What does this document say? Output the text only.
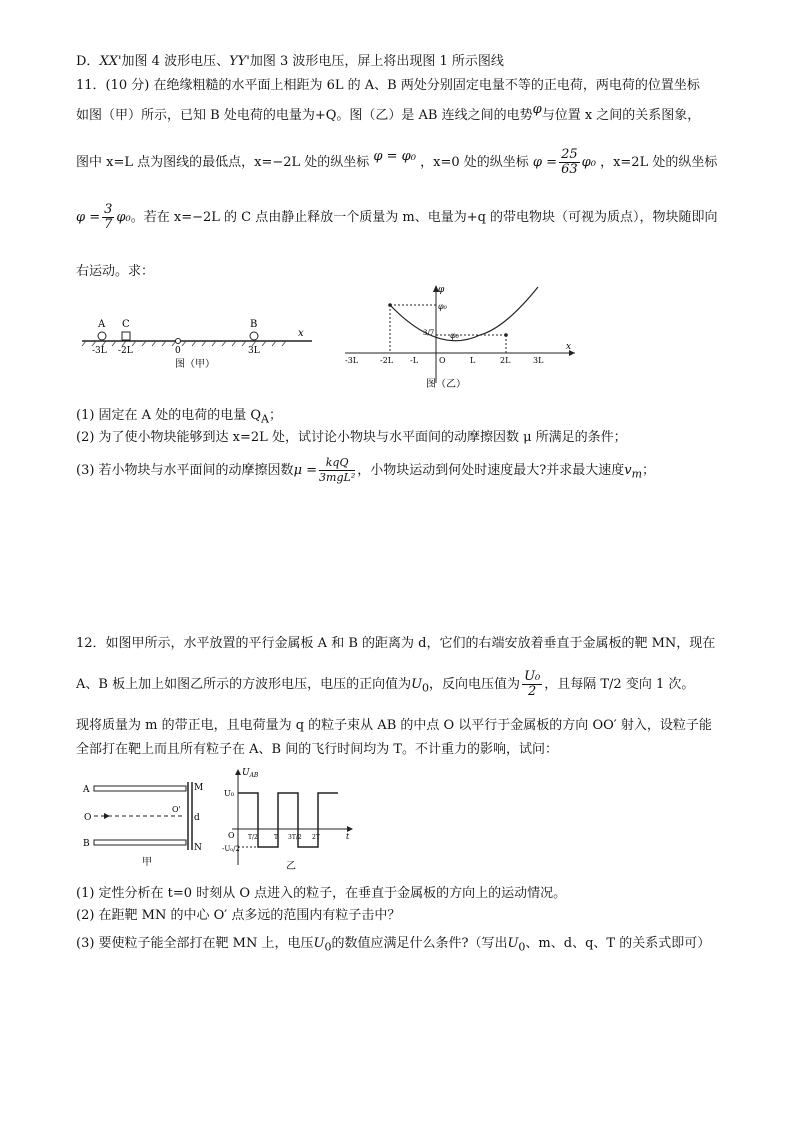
D．XX'加图 4 波形电压、YY'加图 3 波形电压，屏上将出现图 1 所示图线
11．(10 分) 在绝缘粗糙的水平面上相距为 6L 的 A、B 两处分别固定电量不等的正电荷，两电荷的位置坐标
如图（甲）所示，已知 B 处电荷的电量为+Q。图（乙）是 AB 连线之间的电势φ与位置 x 之间的关系图象，
图中 x=L 点为图线的最低点，x=−2L 处的纵坐标 φ = φ₀ ，x=0 处的纵坐标 $\varphi = \frac{25}{63} \varphi_0$ ，x=2L 处的纵坐标
$\varphi = \frac{3}{7} \varphi_0$。若在 x=−2L 的 C 点由静止释放一个质量为 m、电量为+q 的带电物块（可视为质点），物块随即向
右运动。求：
A C	B
x
-3L -2L	0	3L
图（甲）
φ
φ₀
3/7 φ₀
x
O
-3L	-2L -L	L	2L	3L
图（乙）
(1) 固定在 A 处的电荷的电量 $Q_A$；
(2) 为了使小物块能够到达 x=2L 处，试讨论小物块与水平面间的动摩擦因数 μ 所满足的条件；
(3) 若小物块与水平面间的动摩擦因数$\mu = \frac{\text{kqQ}}{\text{3mgL²}}$ ，小物块运动到何处时速度最大?并求最大速度$v_m$；
12．如图甲所示，水平放置的平行金属板 A 和 B 的距离为 d，它们的右端安放着垂直于金属板的靶 MN，现在
A、B 板上加上如图乙所示的方波形电压，电压的正向值为$U_0$，反向电压值为 $\frac{\text{U₀}}{2}$ ，且每隔 T/2 变向 1 次。
现将质量为 m 的带正电，且电荷量为 q 的粒子束从 AB 的中点 O 以平行于金属板的方向 OO′ 射入，设粒子能
全部打在靶上而且所有粒子在 A、B 间的飞行时间均为 T。不计重力的影响，试问：
A
O
B
M
N
O'
d
甲
$U_{AB}$
U₀
-U₀/2
O	t
T/2	T 3T/2 2T
乙
(1) 定性分析在 t=0 时刻从 O 点进入的粒子，在垂直于金属板的方向上的运动情况。
(2) 在距靶 MN 的中心 O′ 点多远的范围内有粒子击中？
(3) 要使粒子能全部打在靶 MN 上，电压$U_0$的数值应满足什么条件?（写出$U_0$、m、d、q、T 的关系式即可）
